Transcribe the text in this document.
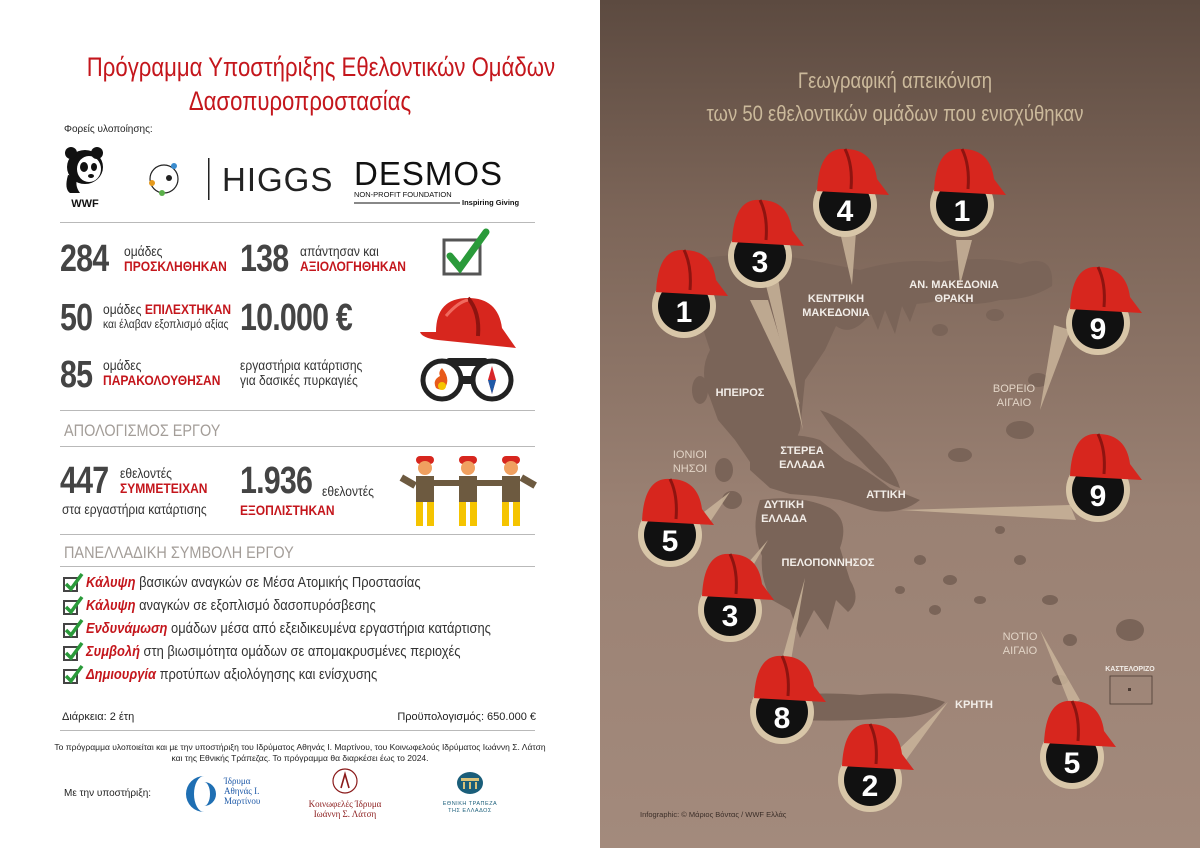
Πρόγραμμα Υποστήριξης Εθελοντικών Ομάδων
Δασοπυροπροστασίας
Φορείς υλοποίησης:
WWF
HIGGS DESMOS
NON-PROFIT FOUNDATION
Inspiring Giving
284 ομάδες
ΠΡΟΣΚΛΗΘΗΚΑΝ 138 απάντησαν και
ΑΞΙΟΛΟΓΗΘΗΚΑΝ
50 ομάδες ΕΠΙΛΕΧΤΗΚΑΝ
και έλαβαν εξοπλισμό αξίας 10.000 €
85 ομάδες
ΠΑΡΑΚΟΛΟΥΘΗΣΑΝ
εργαστήρια κατάρτισης
για δασικές πυρκαγιές
ΑΠΟΛΟΓΙΣΜΟΣ ΕΡΓΟΥ
447 εθελοντές
ΣΥΜΜΕΤΕΙΧΑΝ
στα εργαστήρια κατάρτισης
1.936 εθελοντές
ΕΞΟΠΛΙΣΤΗΚΑΝ
ΠΑΝΕΛΛΑΔΙΚΗ ΣΥΜΒΟΛΗ ΕΡΓΟΥ
Κάλυψη βασικών αναγκών σε Μέσα Ατομικής Προστασίας
Κάλυψη αναγκών σε εξοπλισμό δασοπυρόσβεσης
Ενδυνάμωση ομάδων μέσα από εξειδικευμένα εργαστήρια κατάρτισης
Συμβολή στη βιωσιμότητα ομάδων σε απομακρυσμένες περιοχές
Δημιουργία προτύπων αξιολόγησης και ενίσχυσης
Διάρκεια: 2 έτη	Προϋπολογισμός: 650.000 €
Το πρόγραμμα υλοποιείται και με την υποστήριξη του Ιδρύματος Αθηνάς Ι. Μαρτίνου, του Κοινωφελούς Ιδρύματος Ιωάννη Σ. Λάτση
και της Εθνικής Τράπεζας. Το πρόγραμμα θα διαρκέσει έως το 2024.
Με την υποστήριξη:
Ίδρυμα
Αθηνάς Ι.
Μαρτίνου	Κοινωφελές Ίδρυμα
Ιωάννη Σ. Λάτση
ΕΘΝΙΚΗ ΤΡΑΠΕΖΑ
ΤΗΣ ΕΛΛΑΔΟΣ
Γεωγραφική απεικόνιση
των 50 εθελοντικών ομάδων που ενισχύθηκαν
1
4
3
1
9
9
5
3
8
2
5
ΑΝ. ΜΑΚΕΔΟΝΙΑ
ΘΡΑΚΗ
ΚΕΝΤΡΙΚΗ
ΜΑΚΕΔΟΝΙΑ
ΗΠΕΙΡΟΣ
ΣΤΕΡΕΑ
ΕΛΛΑΔΑ
ΔΥΤΙΚΗ
ΕΛΛΑΔΑ
ΑΤΤΙΚΗ
ΠΕΛΟΠΟΝΝΗΣΟΣ
ΚΡΗΤΗ
ΚΑΣΤΕΛΟΡΙΖΟ
ΙΟΝΙΟΙ
ΝΗΣΟΙ
ΒΟΡΕΙΟ
ΑΙΓΑΙΟ
ΝΟΤΙΟ
ΑΙΓΑΙΟ
Infographic: © Μάριος Βόντας / WWF Ελλάς
